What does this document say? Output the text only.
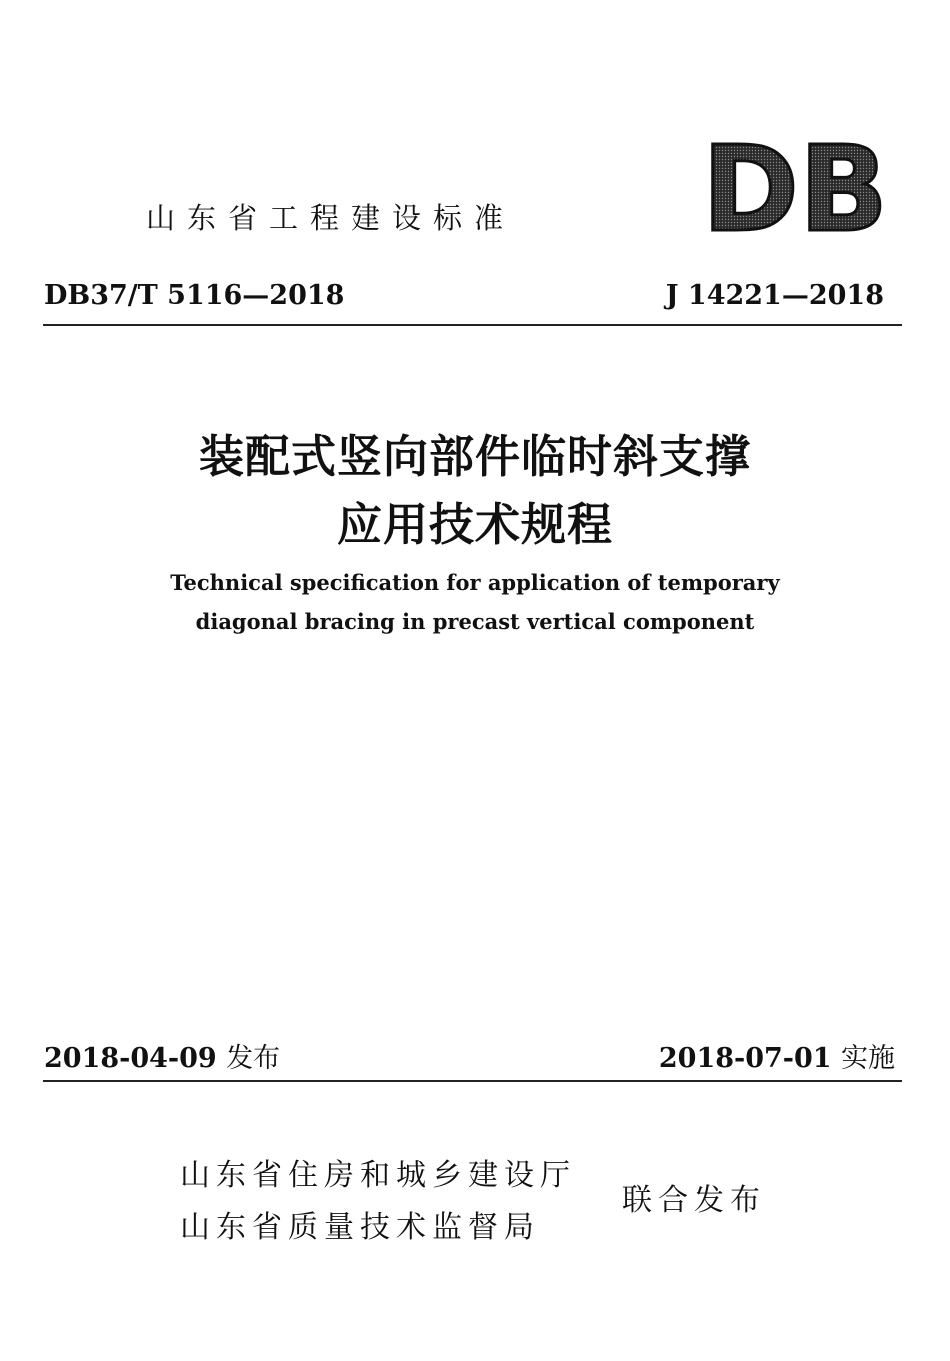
山东省工程建设标准 DB
DB37/T 5116—2018	J 14221—2018
装配式竖向部件临时斜支撑
应用技术规程
Technical specification for application of temporary
diagonal bracing in precast vertical component
2018-04-09 发布	2018-07-01 实施
山东省住房和城乡建设厅
山东省质量技术监督局
联合发布
